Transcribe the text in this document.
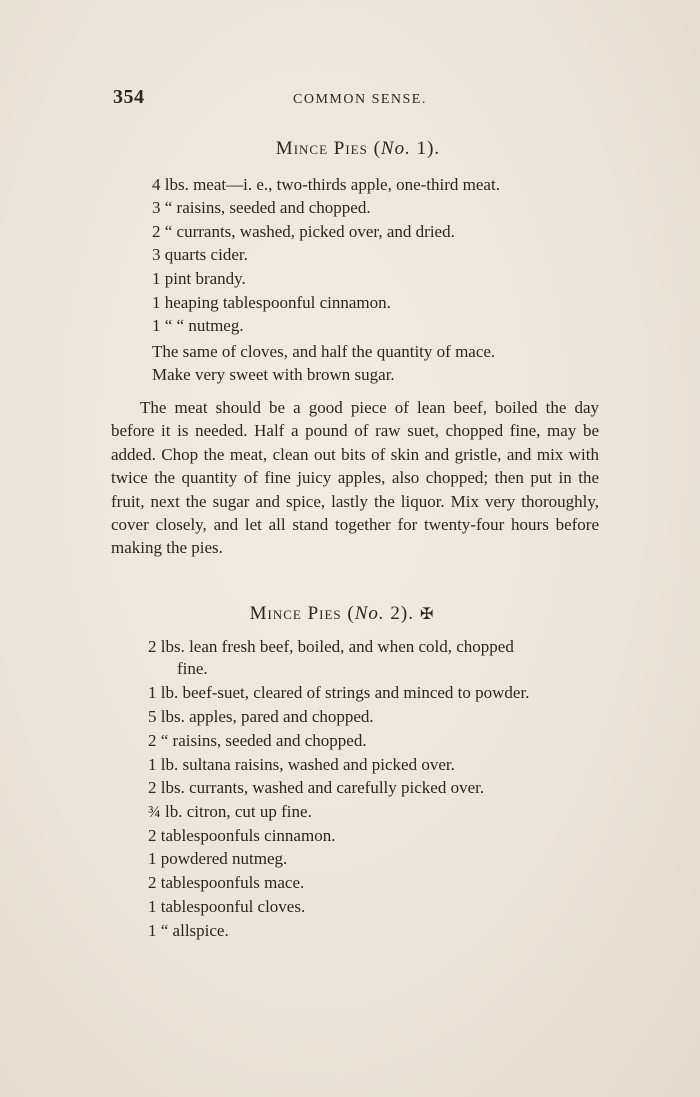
354	COMMON SENSE.
Mince Pies (No. 1).
4 lbs. meat—i. e., two-thirds apple, one-third meat.
3 “ raisins, seeded and chopped.
2 “ currants, washed, picked over, and dried.
3 quarts cider.
1 pint brandy.
1 heaping tablespoonful cinnamon.
1 “ “ nutmeg.
The same of cloves, and half the quantity of mace.
Make very sweet with brown sugar.
The meat should be a good piece of lean beef, boiled the day before it is needed. Half a pound of raw suet, chopped fine, may be added. Chop the meat, clean out bits of skin and gristle, and mix with twice the quantity of fine juicy apples, also chopped; then put in the fruit, next the sugar and spice, lastly the liquor. Mix very thoroughly, cover closely, and let all stand together for twenty-four hours before making the pies.
Mince Pies (No. 2). ✠
2 lbs. lean fresh beef, boiled, and when cold, chopped
fine.
1 lb. beef-suet, cleared of strings and minced to powder.
5 lbs. apples, pared and chopped.
2 “ raisins, seeded and chopped.
1 lb. sultana raisins, washed and picked over.
2 lbs. currants, washed and carefully picked over.
¾ lb. citron, cut up fine.
2 tablespoonfuls cinnamon.
1 powdered nutmeg.
2 tablespoonfuls mace.
1 tablespoonful cloves.
1 “ allspice.
